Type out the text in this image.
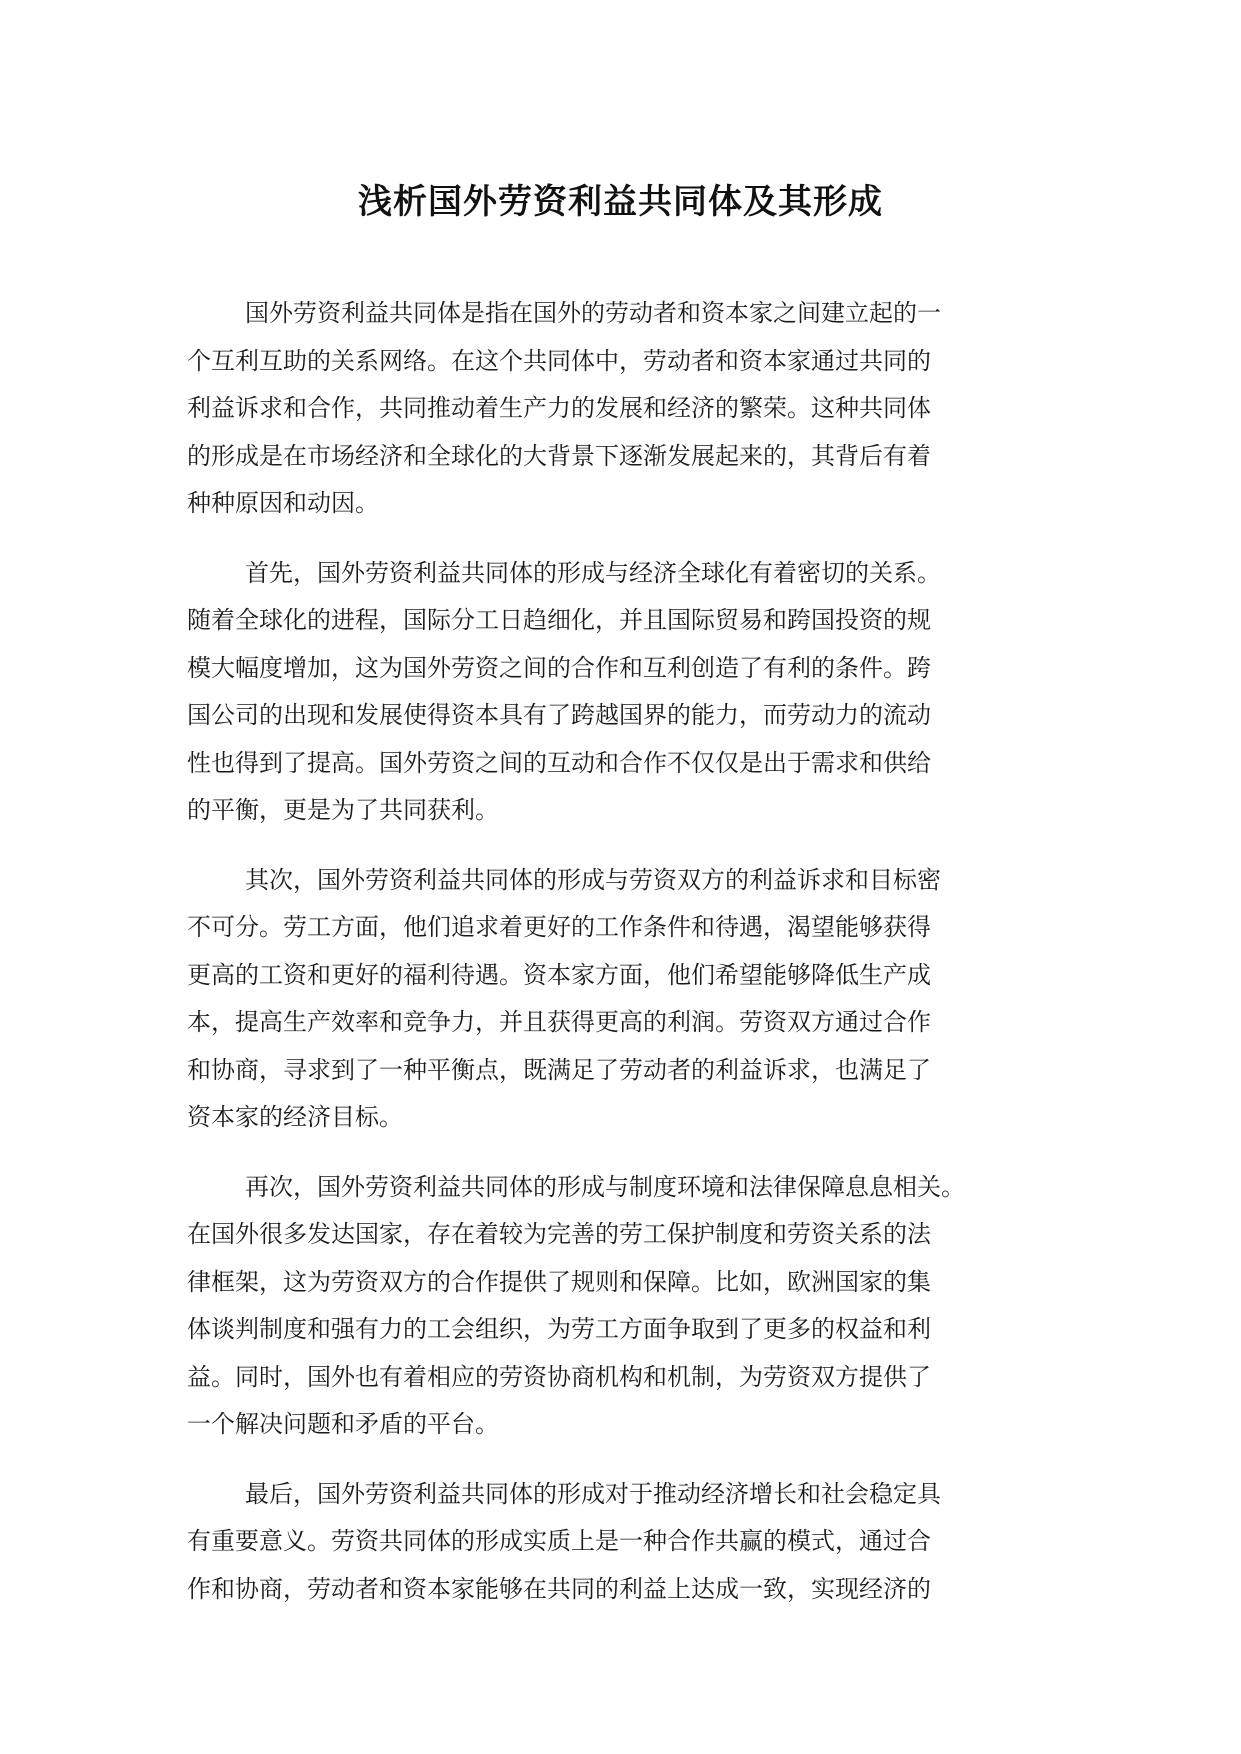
浅析国外劳资利益共同体及其形成

国外劳资利益共同体是指在国外的劳动者和资本家之间建立起的一
个互利互助的关系网络。在这个共同体中，劳动者和资本家通过共同的
利益诉求和合作，共同推动着生产力的发展和经济的繁荣。这种共同体
的形成是在市场经济和全球化的大背景下逐渐发展起来的，其背后有着
种种原因和动因。

首先，国外劳资利益共同体的形成与经济全球化有着密切的关系。
随着全球化的进程，国际分工日趋细化，并且国际贸易和跨国投资的规
模大幅度增加，这为国外劳资之间的合作和互利创造了有利的条件。跨
国公司的出现和发展使得资本具有了跨越国界的能力，而劳动力的流动
性也得到了提高。国外劳资之间的互动和合作不仅仅是出于需求和供给
的平衡，更是为了共同获利。

其次，国外劳资利益共同体的形成与劳资双方的利益诉求和目标密
不可分。劳工方面，他们追求着更好的工作条件和待遇，渴望能够获得
更高的工资和更好的福利待遇。资本家方面，他们希望能够降低生产成
本，提高生产效率和竞争力，并且获得更高的利润。劳资双方通过合作
和协商，寻求到了一种平衡点，既满足了劳动者的利益诉求，也满足了
资本家的经济目标。

再次，国外劳资利益共同体的形成与制度环境和法律保障息息相关。
在国外很多发达国家，存在着较为完善的劳工保护制度和劳资关系的法
律框架，这为劳资双方的合作提供了规则和保障。比如，欧洲国家的集
体谈判制度和强有力的工会组织，为劳工方面争取到了更多的权益和利
益。同时，国外也有着相应的劳资协商机构和机制，为劳资双方提供了
一个解决问题和矛盾的平台。

最后，国外劳资利益共同体的形成对于推动经济增长和社会稳定具
有重要意义。劳资共同体的形成实质上是一种合作共赢的模式，通过合
作和协商，劳动者和资本家能够在共同的利益上达成一致，实现经济的
